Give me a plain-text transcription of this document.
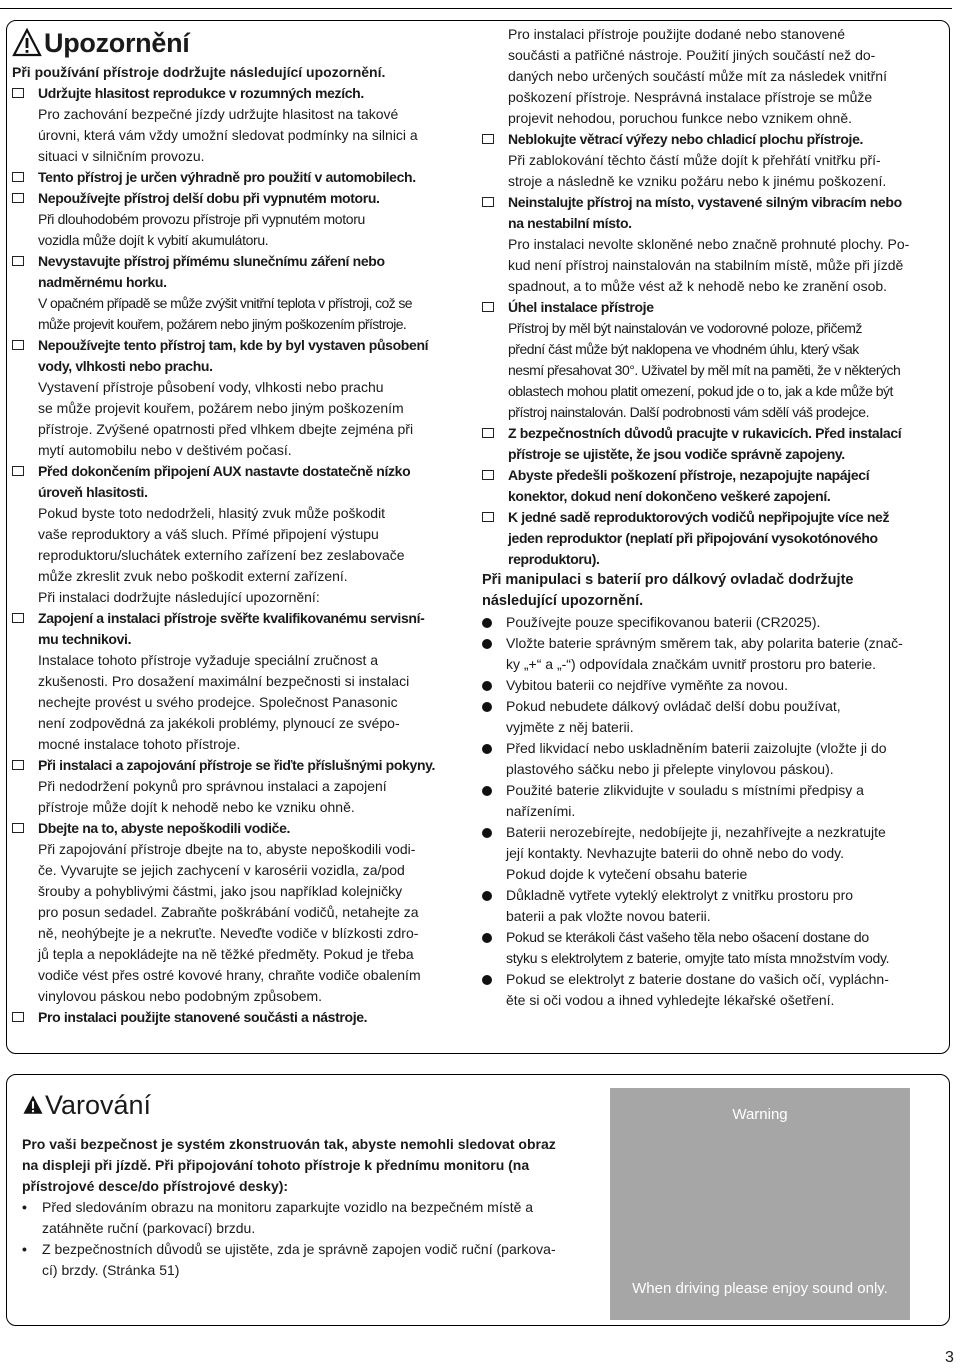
Upozornění
Při používání přístroje dodržujte následující upozornění.
Udržujte hlasitost reprodukce v rozumných mezích.
Pro zachování bezpečné jízdy udržujte hlasitost na takové
úrovni, která vám vždy umožní sledovat podmínky na silnici a
situaci v silničním provozu.
Tento přístroj je určen výhradně pro použití v automobilech.
Nepoužívejte přístroj delší dobu při vypnutém motoru.
Při dlouhodobém provozu přístroje při vypnutém motoru
vozidla může dojít k vybití akumulátoru.
Nevystavujte přístroj přímému slunečnímu záření nebo
nadměrnému horku.
V opačném případě se může zvýšit vnitřní teplota v přístroji, což se
může projevit kouřem, požárem nebo jiným poškozením přístroje.
Nepoužívejte tento přístroj tam, kde by byl vystaven působení
vody, vlhkosti nebo prachu.
Vystavení přístroje působení vody, vlhkosti nebo prachu
se může projevit kouřem, požárem nebo jiným poškozením
přístroje. Zvýšené opatrnosti před vlhkem dbejte zejména při
mytí automobilu nebo v deštivém počasí.
Před dokončením připojení AUX nastavte dostatečně nízko
úroveň hlasitosti.
Pokud byste toto nedodrželi, hlasitý zvuk může poškodit
vaše reproduktory a váš sluch. Přímé připojení výstupu
reproduktoru/sluchátek externího zařízení bez zeslabovače
může zkreslit zvuk nebo poškodit externí zařízení.
Při instalaci dodržujte následující upozornění:
Zapojení a instalaci přístroje svěřte kvalifikovanému servisní-
mu technikovi.
Instalace tohoto přístroje vyžaduje speciální zručnost a
zkušenosti. Pro dosažení maximální bezpečnosti si instalaci
nechejte provést u svého prodejce. Společnost Panasonic
není zodpovědná za jakékoli problémy, plynoucí ze svépo-
mocné instalace tohoto přístroje.
Při instalaci a zapojování přístroje se řiďte příslušnými pokyny.
Při nedodržení pokynů pro správnou instalaci a zapojení
přístroje může dojít k nehodě nebo ke vzniku ohně.
Dbejte na to, abyste nepoškodili vodiče.
Při zapojování přístroje dbejte na to, abyste nepoškodili vodi-
če. Vyvarujte se jejich zachycení v karosérii vozidla, za/pod
šrouby a pohyblivými částmi, jako jsou například kolejničky
pro posun sedadel. Zabraňte poškrábání vodičů, netahejte za
ně, neohýbejte je a nekruťte. Neveďte vodiče v blízkosti zdro-
jů tepla a nepokládejte na ně těžké předměty. Pokud je třeba
vodiče vést přes ostré kovové hrany, chraňte vodiče obalením
vinylovou páskou nebo podobným způsobem.
Pro instalaci použijte stanovené součásti a nástroje.
Pro instalaci přístroje použijte dodané nebo stanovené
součásti a patřičné nástroje. Použití jiných součástí než do-
daných nebo určených součástí může mít za následek vnitřní
poškození přístroje. Nesprávná instalace přístroje se může
projevit nehodou, poruchou funkce nebo vznikem ohně.
Neblokujte větrací výřezy nebo chladicí plochu přístroje.
Při zablokování těchto částí může dojít k přehřátí vnitřku pří-
stroje a následně ke vzniku požáru nebo k jinému poškození.
Neinstalujte přístroj na místo, vystavené silným vibracím nebo
na nestabilní místo.
Pro instalaci nevolte skloněné nebo značně prohnuté plochy. Po-
kud není přístroj nainstalován na stabilním místě, může při jízdě
spadnout, a to může vést až k nehodě nebo ke zranění osob.
Úhel instalace přístroje
Přístroj by měl být nainstalován ve vodorovné poloze, přičemž
přední část může být naklopena ve vhodném úhlu, který však
nesmí přesahovat 30°. Uživatel by měl mít na paměti, že v některých
oblastech mohou platit omezení, pokud jde o to, jak a kde může být
přístroj nainstalován. Další podrobnosti vám sdělí váš prodejce.
Z bezpečnostních důvodů pracujte v rukavicích. Před instalací
přístroje se ujistěte, že jsou vodiče správně zapojeny.
Abyste předešli poškození přístroje, nezapojujte napájecí
konektor, dokud není dokončeno veškeré zapojení.
K jedné sadě reproduktorových vodičů nepřipojujte více než
jeden reproduktor (neplatí při připojování vysokotónového
reproduktoru).
Při manipulaci s baterií pro dálkový ovladač dodržujte
následující upozornění.
Používejte pouze specifikovanou baterii (CR2025).
Vložte baterie správným směrem tak, aby polarita baterie (znač-
ky „+“ a „-“) odpovídala značkám uvnitř prostoru pro baterie.
Vybitou baterii co nejdříve vyměňte za novou.
Pokud nebudete dálkový ovládač delší dobu používat,
vyjměte z něj baterii.
Před likvidací nebo uskladněním baterii zaizolujte (vložte ji do
plastového sáčku nebo ji přelepte vinylovou páskou).
Použité baterie zlikvidujte v souladu s místními předpisy a
nařízeními.
Baterii nerozebírejte, nedobíjejte ji, nezahřívejte a nezkratujte
její kontakty. Nevhazujte baterii do ohně nebo do vody.
Pokud dojde k vytečení obsahu baterie
Důkladně vytřete vyteklý elektrolyt z vnitřku prostoru pro
baterii a pak vložte novou baterii.
Pokud se kterákoli část vašeho těla nebo ošacení dostane do
styku s elektrolytem z baterie, omyjte tato místa množstvím vody.
Pokud se elektrolyt z baterie dostane do vašich očí, vypláchn-
ěte si oči vodou a ihned vyhledejte lékařské ošetření.
Varování
Pro vaši bezpečnost je systém zkonstruován tak, abyste nemohli sledovat obraz
na displeji při jízdě. Při připojování tohoto přístroje k přednímu monitoru (na
přístrojové desce/do přístrojové desky):
•	Před sledováním obrazu na monitoru zaparkujte vozidlo na bezpečném místě a
zatáhněte ruční (parkovací) brzdu.
•	Z bezpečnostních důvodů se ujistěte, zda je správně zapojen vodič ruční (parkova-
cí) brzdy. (Stránka 51)
Warning
When driving please enjoy sound only.
3
